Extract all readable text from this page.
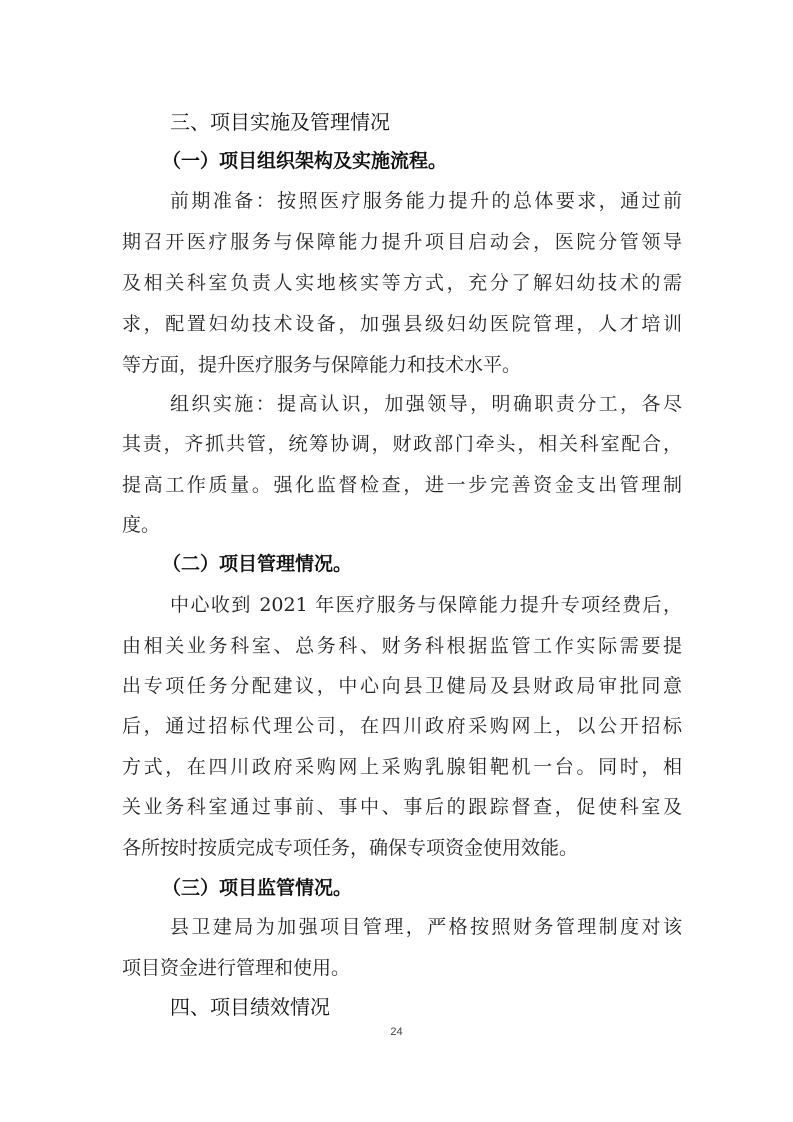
三、项目实施及管理情况
（一）项目组织架构及实施流程。
前期准备：按照医疗服务能力提升的总体要求，通过前
期召开医疗服务与保障能力提升项目启动会，医院分管领导
及相关科室负责人实地核实等方式，充分了解妇幼技术的需
求，配置妇幼技术设备，加强县级妇幼医院管理，人才培训
等方面，提升医疗服务与保障能力和技术水平。
组织实施：提高认识，加强领导，明确职责分工，各尽
其责，齐抓共管，统筹协调，财政部门牵头，相关科室配合，
提高工作质量。强化监督检查，进一步完善资金支出管理制
度。
（二）项目管理情况。
中心收到 2021 年医疗服务与保障能力提升专项经费后，
由相关业务科室、总务科、财务科根据监管工作实际需要提
出专项任务分配建议，中心向县卫健局及县财政局审批同意
后，通过招标代理公司，在四川政府采购网上，以公开招标
方式，在四川政府采购网上采购乳腺钼靶机一台。同时，相
关业务科室通过事前、事中、事后的跟踪督查，促使科室及
各所按时按质完成专项任务，确保专项资金使用效能。
（三）项目监管情况。
县卫建局为加强项目管理，严格按照财务管理制度对该
项目资金进行管理和使用。
四、项目绩效情况
24
